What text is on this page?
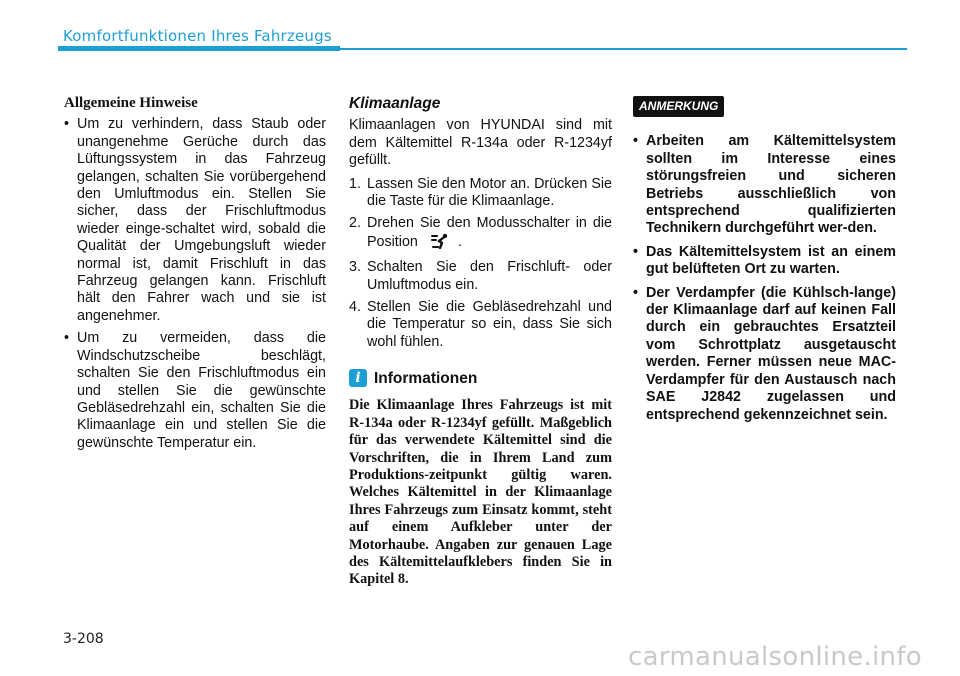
Komfortfunktionen Ihres Fahrzeugs
Allgemeine Hinweise
• Um zu verhindern, dass Staub oder unangenehme Gerüche durch das Lüftungssystem in das Fahrzeug gelangen, schalten Sie vorübergehend den Umluftmodus ein. Stellen Sie sicher, dass der Frischluftmodus wieder einge-schaltet wird, sobald die Qualität der Umgebungsluft wieder normal ist, damit Frischluft in das Fahrzeug gelangen kann. Frischluft hält den Fahrer wach und sie ist angenehmer.
• Um zu vermeiden, dass die Windschutzscheibe beschlägt, schalten Sie den Frischluftmodus ein und stellen Sie die gewünschte Gebläsedrehzahl ein, schalten Sie die Klimaanlage ein und stellen Sie die gewünschte Temperatur ein.
Klimaanlage
Klimaanlagen von HYUNDAI sind mit dem Kältemittel R-134a oder R-1234yf gefüllt.
1. Lassen Sie den Motor an. Drücken Sie die Taste für die Klimaanlage.
2. Drehen Sie den Modusschalter in die Position	.
3. Schalten Sie den Frischluft- oder Umluftmodus ein.
4. Stellen Sie die Gebläsedrehzahl und die Temperatur so ein, dass Sie sich wohl fühlen.
i Informationen
Die Klimaanlage Ihres Fahrzeugs ist mit R-134a oder R-1234yf gefüllt. Maßgeblich für das verwendete Kältemittel sind die Vorschriften, die in Ihrem Land zum Produktions-zeitpunkt gültig waren. Welches Kältemittel in der Klimaanlage Ihres Fahrzeugs zum Einsatz kommt, steht auf einem Aufkleber unter der Motorhaube. Angaben zur genauen Lage des Kältemittelaufklebers finden Sie in Kapitel 8.
ANMERKUNG
• Arbeiten am Kältemittelsystem sollten im Interesse eines störungsfreien und sicheren Betriebs ausschließlich von entsprechend qualifizierten Technikern durchgeführt wer-den.
• Das Kältemittelsystem ist an einem gut belüfteten Ort zu warten.
• Der Verdampfer (die Kühlsch-lange) der Klimaanlage darf auf keinen Fall durch ein gebrauchtes Ersatzteil vom Schrottplatz ausgetauscht werden. Ferner müssen neue MAC-Verdampfer für den Austausch nach SAE J2842 zugelassen und entsprechend gekennzeichnet sein.
3-208
carmanualsonline.info
